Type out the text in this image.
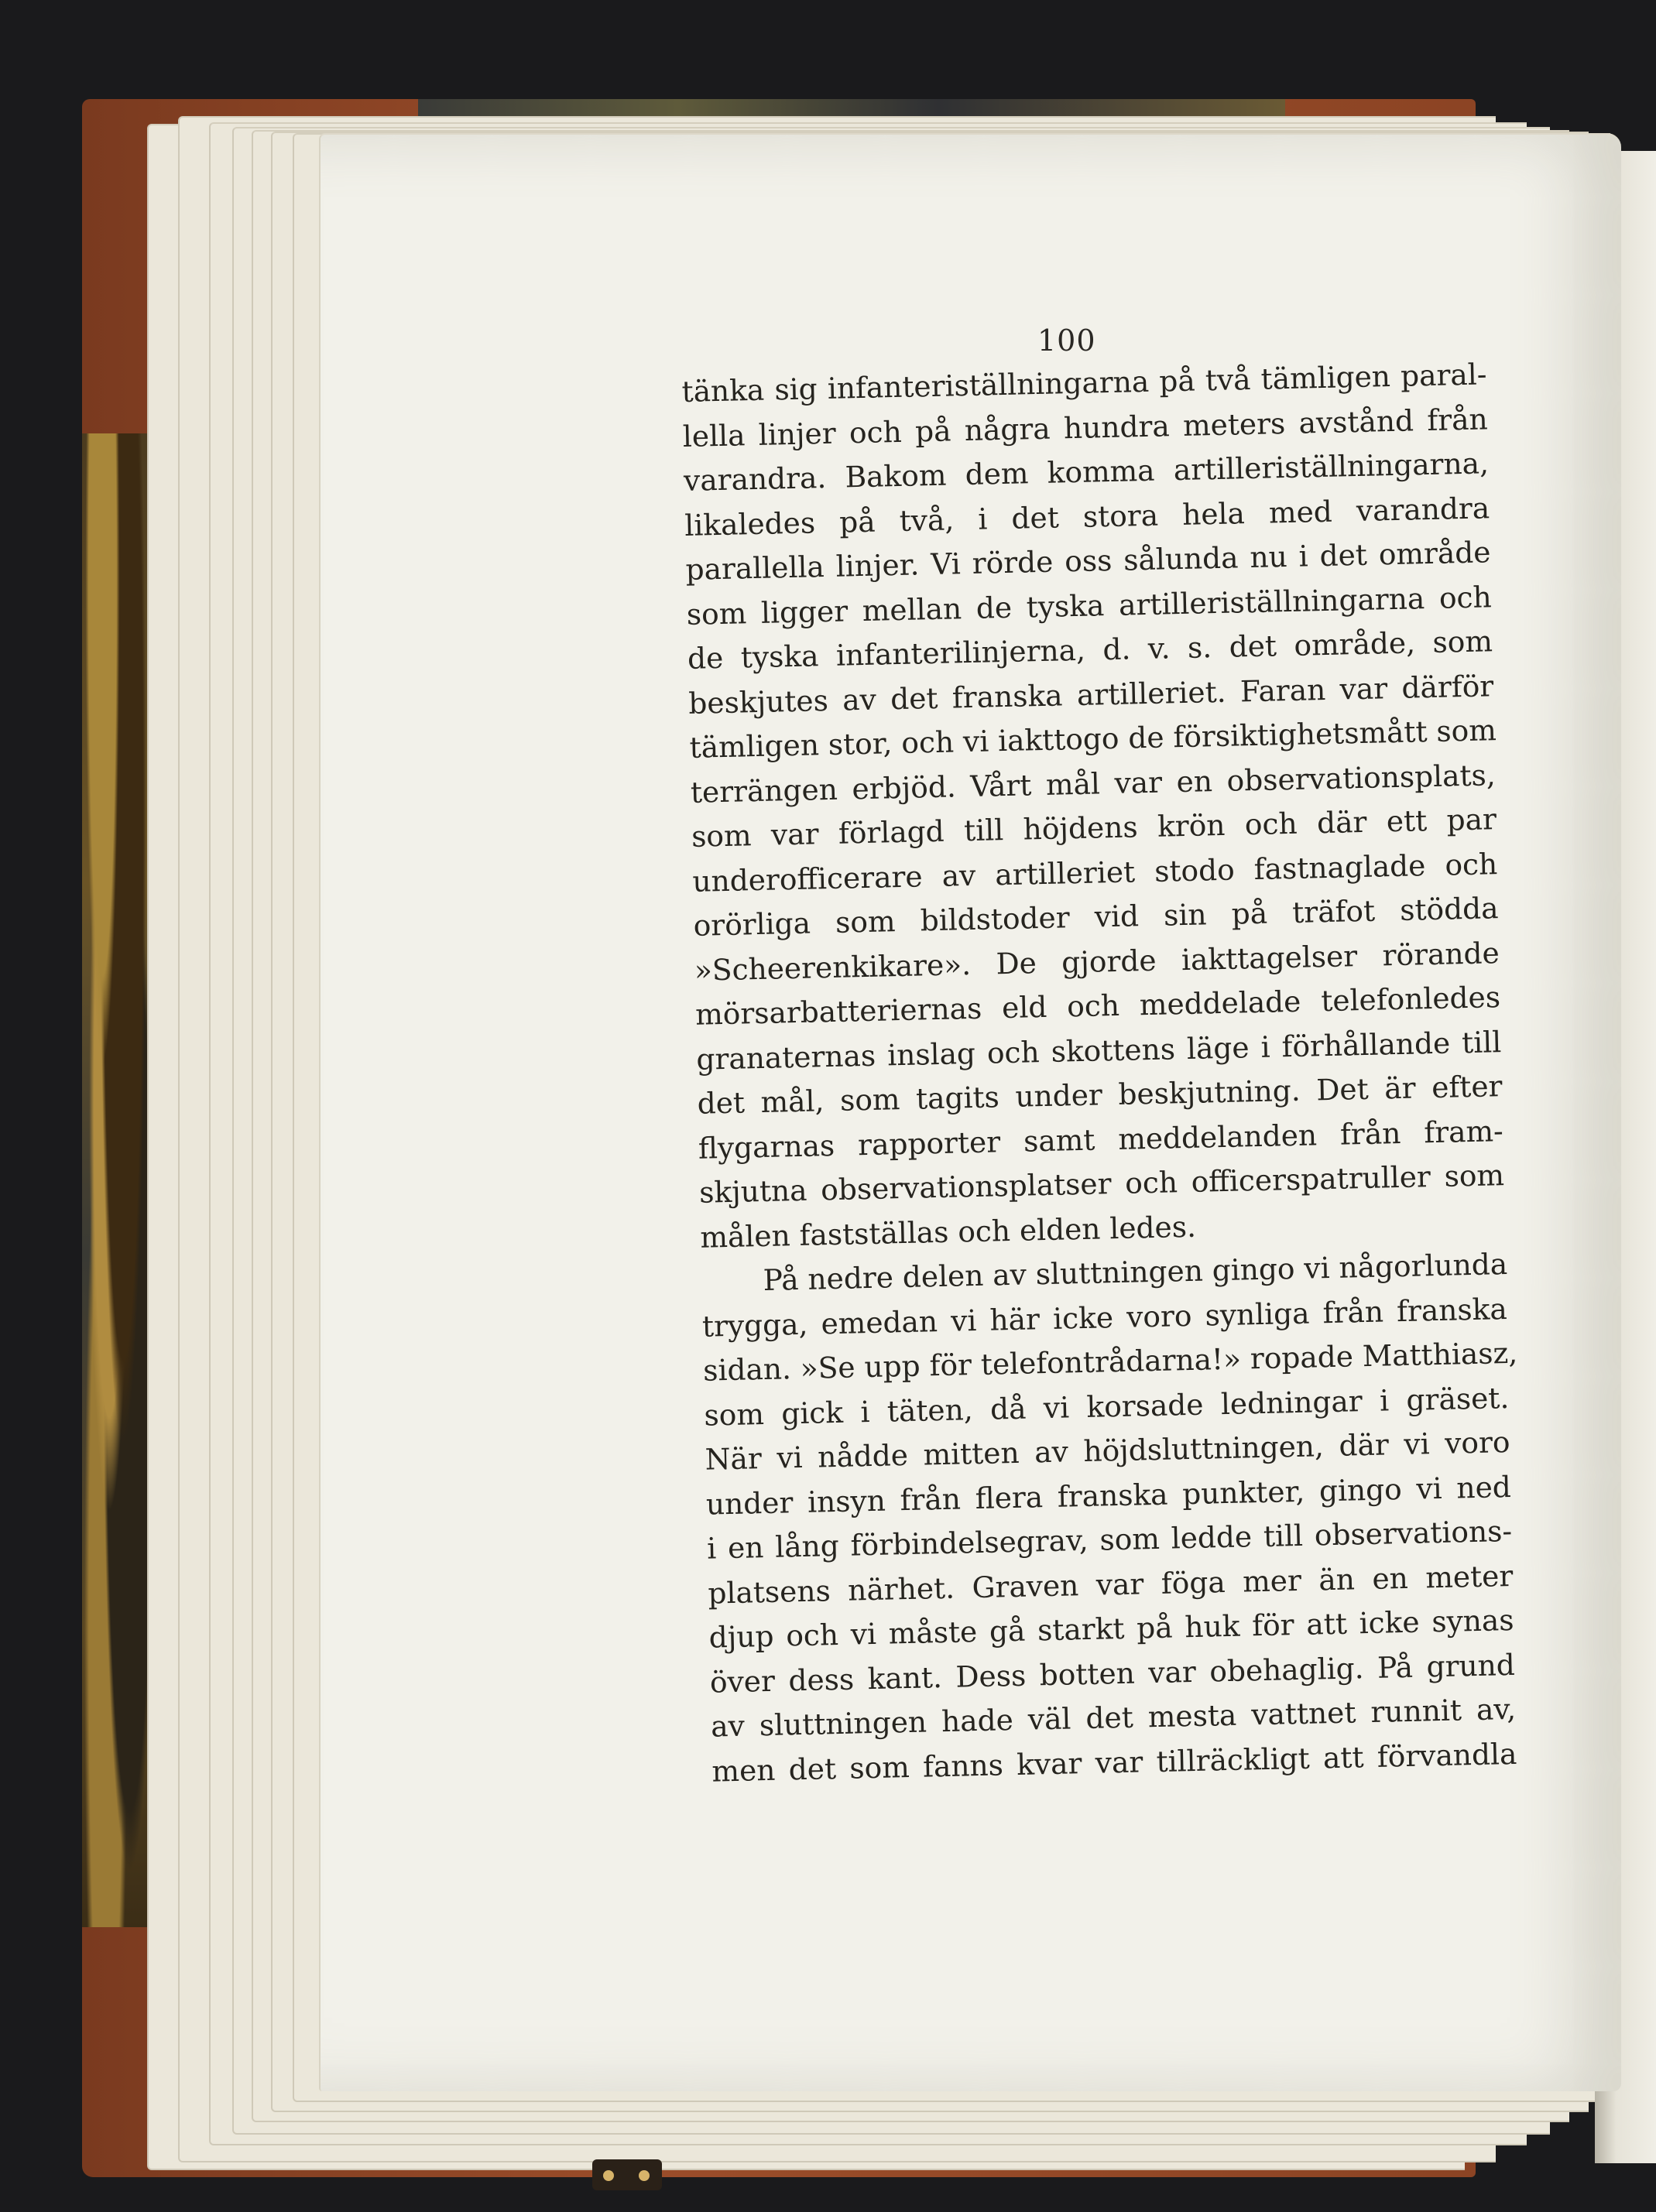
100
tänka sig infanteriställningarna på två tämligen paral-
lella linjer och på några hundra meters avstånd från
varandra. Bakom dem komma artilleriställningarna,
likaledes på två, i det stora hela med varandra
parallella linjer. Vi rörde oss sålunda nu i det område
som ligger mellan de tyska artilleriställningarna och
de tyska infanterilinjerna, d. v. s. det område, som
beskjutes av det franska artilleriet. Faran var därför
tämligen stor, och vi iakttogo de försiktighetsmått som
terrängen erbjöd. Vårt mål var en observationsplats,
som var förlagd till höjdens krön och där ett par
underofficerare av artilleriet stodo fastnaglade och
orörliga som bildstoder vid sin på träfot stödda
»Scheerenkikare». De gjorde iakttagelser rörande
mörsarbatteriernas eld och meddelade telefonledes
granaternas inslag och skottens läge i förhållande till
det mål, som tagits under beskjutning. Det är efter
flygarnas rapporter samt meddelanden från fram-
skjutna observationsplatser och officerspatruller som
målen fastställas och elden ledes.
På nedre delen av sluttningen gingo vi någorlunda
trygga, emedan vi här icke voro synliga från franska
sidan. »Se upp för telefontrådarna!» ropade Matthiasz,
som gick i täten, då vi korsade ledningar i gräset.
När vi nådde mitten av höjdsluttningen, där vi voro
under insyn från flera franska punkter, gingo vi ned
i en lång förbindelsegrav, som ledde till observations-
platsens närhet. Graven var föga mer än en meter
djup och vi måste gå starkt på huk för att icke synas
över dess kant. Dess botten var obehaglig. På grund
av sluttningen hade väl det mesta vattnet runnit av,
men det som fanns kvar var tillräckligt att förvandla
